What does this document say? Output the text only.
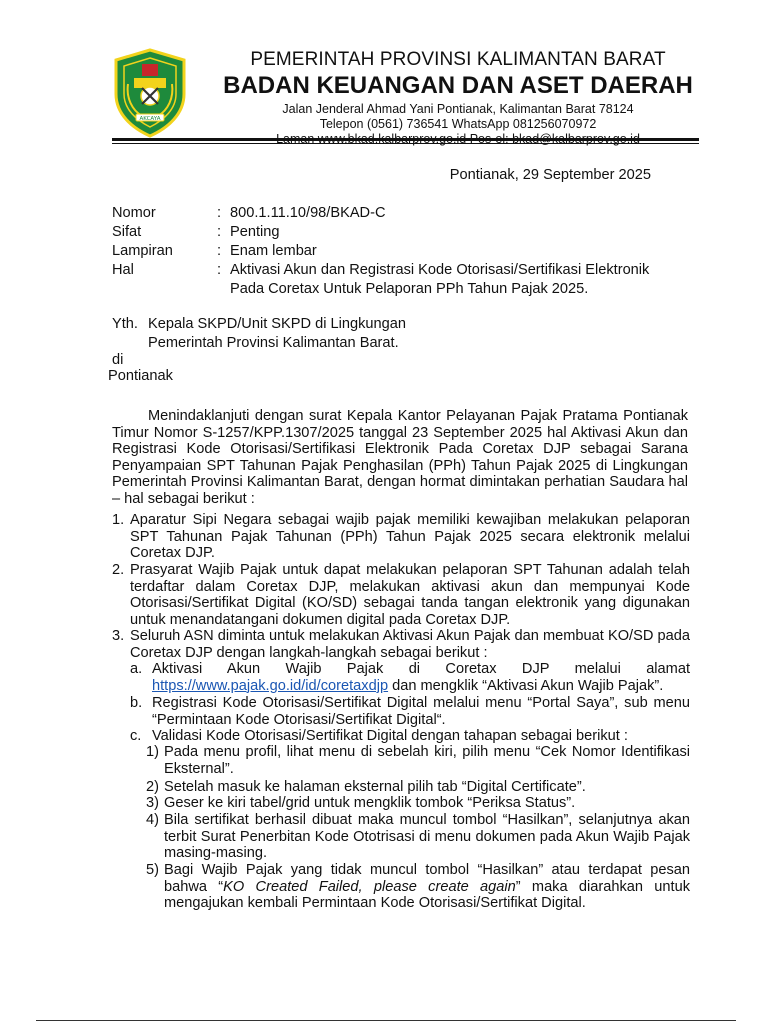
AKCAYA
PEMERINTAH PROVINSI KALIMANTAN BARAT
BADAN KEUANGAN DAN ASET DAERAH
Jalan Jenderal Ahmad Yani Pontianak, Kalimantan Barat 78124
Telepon (0561) 736541 WhatsApp 081256070972
Pontianak, 29 September 2025
Nomor	: 800.1.11.10/98/BKAD-C
Sifat	: Penting
Lampiran	: Enam lembar
Hal	: Aktivasi Akun dan Registrasi Kode Otorisasi/Sertifikasi Elektronik
Pada Coretax Untuk Pelaporan PPh Tahun Pajak 2025.
Yth. Kepala SKPD/Unit SKPD di Lingkungan
Pemerintah Provinsi Kalimantan Barat.
di
Pontianak
Menindaklanjuti dengan surat Kepala Kantor Pelayanan Pajak Pratama Pontianak Timur Nomor S-1257/KPP.1307/2025 tanggal 23 September 2025 hal Aktivasi Akun dan Registrasi Kode Otorisasi/Sertifikasi Elektronik Pada Coretax DJP sebagai Sarana Penyampaian SPT Tahunan Pajak Penghasilan (PPh) Tahun Pajak 2025 di Lingkungan Pemerintah Provinsi Kalimantan Barat, dengan hormat dimintakan perhatian Saudara hal – hal sebagai berikut :
1. Aparatur Sipi Negara sebagai wajib pajak memiliki kewajiban melakukan pelaporan SPT Tahunan Pajak Tahunan (PPh) Tahun Pajak 2025 secara elektronik melalui Coretax DJP.
2. Prasyarat Wajib Pajak untuk dapat melakukan pelaporan SPT Tahunan adalah telah terdaftar dalam Coretax DJP, melakukan aktivasi akun dan mempunyai Kode Otorisasi/Sertifikat Digital (KO/SD) sebagai tanda tangan elektronik yang digunakan untuk menandatangani dokumen digital pada Coretax DJP.
3. Seluruh ASN diminta untuk melakukan Aktivasi Akun Pajak dan membuat KO/SD pada Coretax DJP dengan langkah-langkah sebagai berikut :
a. Aktivasi Akun Wajib Pajak di Coretax DJP melalui alamat https://www.pajak.go.id/id/coretaxdjp dan mengklik “Aktivasi Akun Wajib Pajak”.
b. Registrasi Kode Otorisasi/Sertifikat Digital melalui menu “Portal Saya”, sub menu “Permintaan Kode Otorisasi/Sertifikat Digital“.
c. Validasi Kode Otorisasi/Sertifikat Digital dengan tahapan sebagai berikut :
1) Pada menu profil, lihat menu di sebelah kiri, pilih menu “Cek Nomor Identifikasi Eksternal”.
2) Setelah masuk ke halaman eksternal pilih tab “Digital Certificate”.
3) Geser ke kiri tabel/grid untuk mengklik tombok “Periksa Status”.
4) Bila sertifikat berhasil dibuat maka muncul tombol “Hasilkan”, selanjutnya akan terbit Surat Penerbitan Kode Ototrisasi di menu dokumen pada Akun Wajib Pajak masing-masing.
5) Bagi Wajib Pajak yang tidak muncul tombol “Hasilkan” atau terdapat pesan bahwa “KO Created Failed, please create again” maka diarahkan untuk mengajukan kembali Permintaan Kode Otorisasi/Sertifikat Digital.
